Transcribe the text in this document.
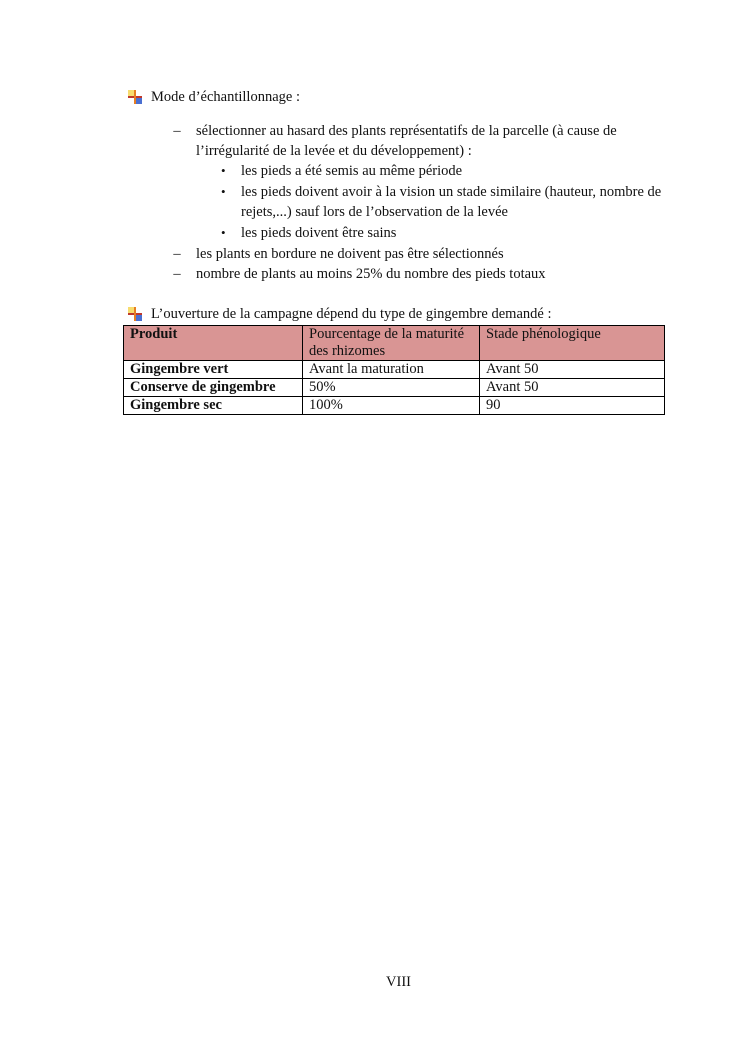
Mode d’échantillonnage :
– sélectionner au hasard des plants représentatifs de la parcelle (à cause de
l’irrégularité de la levée et du développement) :
• les pieds a été semis au même période
• les pieds doivent avoir à la vision un stade similaire (hauteur, nombre de
rejets,...) sauf lors de l’observation de la levée
• les pieds doivent être sains
– les plants en bordure ne doivent pas être sélectionnés
– nombre de plants au moins 25% du nombre des pieds totaux
L’ouverture de la campagne dépend du type de gingembre demandé :
Produit	Pourcentage de la maturité des rhizomes	Stade phénologique
Gingembre vert	Avant la maturation	Avant 50
Conserve de gingembre	50%	Avant 50
Gingembre sec	100%	90
VIII
